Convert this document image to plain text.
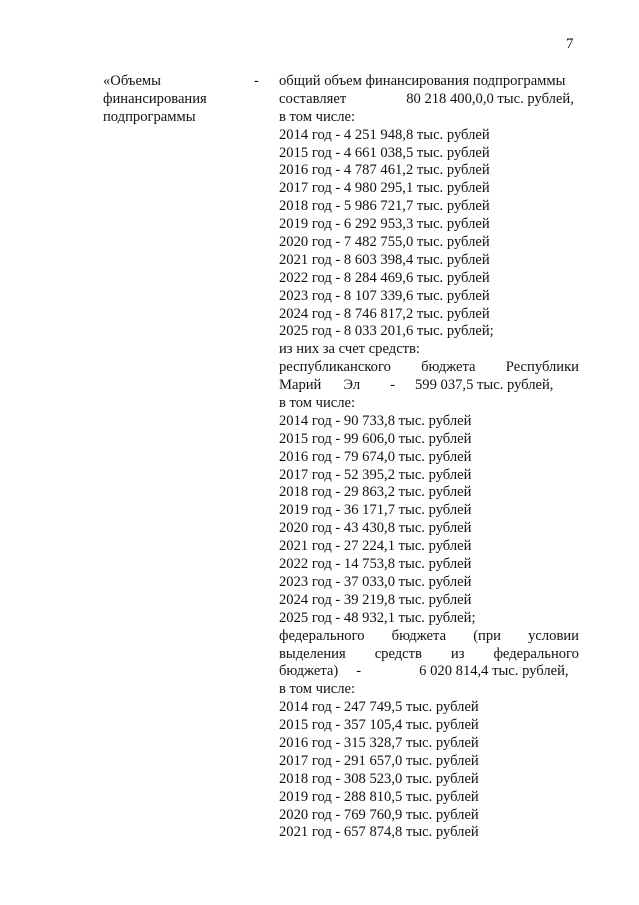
7
«Объемы
финансирования
подпрограммы
- общий объем финансирования подпрограммы
составляет	80 218 400,0,0 тыс. рублей,
в том числе:
2014 год - 4 251 948,8 тыс. рублей
2015 год - 4 661 038,5 тыс. рублей
2016 год - 4 787 461,2 тыс. рублей
2017 год - 4 980 295,1 тыс. рублей
2018 год - 5 986 721,7 тыс. рублей
2019 год - 6 292 953,3 тыс. рублей
2020 год - 7 482 755,0 тыс. рублей
2021 год - 8 603 398,4 тыс. рублей
2022 год - 8 284 469,6 тыс. рублей
2023 год - 8 107 339,6 тыс. рублей
2024 год - 8 746 817,2 тыс. рублей
2025 год - 8 033 201,6 тыс. рублей;
из них за счет средств:
республиканского бюджета Республики
Марий Эл - 599 037,5 тыс. рублей,
в том числе:
2014 год - 90 733,8 тыс. рублей
2015 год - 99 606,0 тыс. рублей
2016 год - 79 674,0 тыс. рублей
2017 год - 52 395,2 тыс. рублей
2018 год - 29 863,2 тыс. рублей
2019 год - 36 171,7 тыс. рублей
2020 год - 43 430,8 тыс. рублей
2021 год - 27 224,1 тыс. рублей
2022 год - 14 753,8 тыс. рублей
2023 год - 37 033,0 тыс. рублей
2024 год - 39 219,8 тыс. рублей
2025 год - 48 932,1 тыс. рублей;
федерального бюджета (при условии
выделения средств из федерального
бюджета) -	6 020 814,4 тыс. рублей,
в том числе:
2014 год - 247 749,5 тыс. рублей
2015 год - 357 105,4 тыс. рублей
2016 год - 315 328,7 тыс. рублей
2017 год - 291 657,0 тыс. рублей
2018 год - 308 523,0 тыс. рублей
2019 год - 288 810,5 тыс. рублей
2020 год - 769 760,9 тыс. рублей
2021 год - 657 874,8 тыс. рублей
